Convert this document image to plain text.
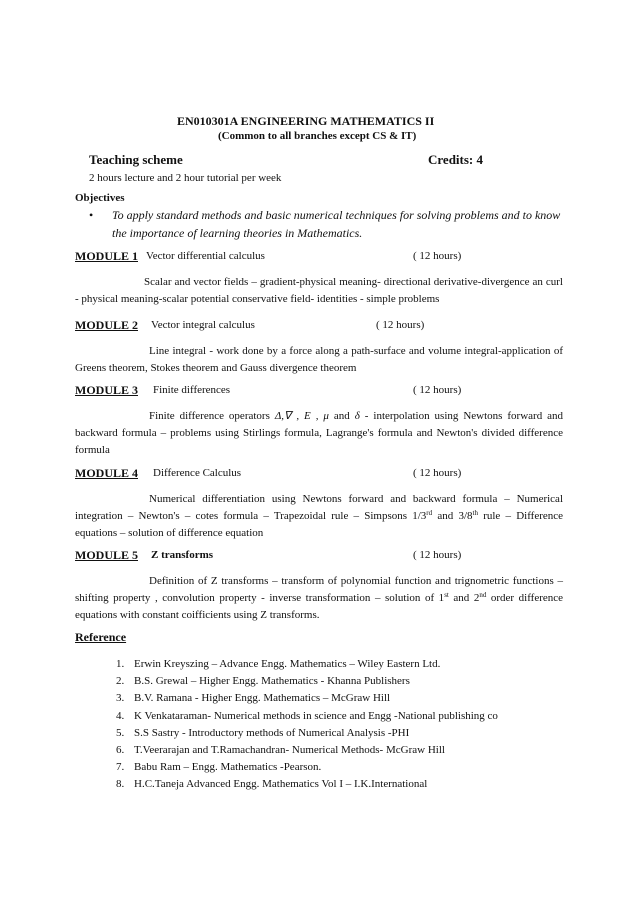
EN010301A ENGINEERING MATHEMATICS II
(Common to all branches except CS & IT)
Teaching scheme	Credits: 4
2 hours lecture and 2 hour tutorial per week
Objectives
• To apply standard methods and basic numerical techniques for solving problems and to know the importance of learning theories in Mathematics.
MODULE 1 Vector differential calculus	( 12 hours)
Scalar and vector fields – gradient-physical meaning- directional derivative-divergence an curl - physical meaning-scalar potential conservative field- identities - simple problems
MODULE 2 Vector integral calculus	( 12 hours)
Line integral - work done by a force along a path-surface and volume integral-application of Greens theorem, Stokes theorem and Gauss divergence theorem
MODULE 3 Finite differences	( 12 hours)
Finite difference operators Δ,∇ , E , μ and δ - interpolation using Newtons forward and backward formula – problems using Stirlings formula, Lagrange's formula and Newton's divided difference formula
MODULE 4 Difference Calculus	( 12 hours)
Numerical differentiation using Newtons forward and backward formula – Numerical integration – Newton's – cotes formula – Trapezoidal rule – Simpsons 1/3rd and 3/8th rule – Difference equations – solution of difference equation
MODULE 5 Z transforms	( 12 hours)
Definition of Z transforms – transform of polynomial function and trignometric functions – shifting property , convolution property - inverse transformation – solution of 1st and 2nd order difference equations with constant coifficients using Z transforms.
Reference
1. Erwin Kreyszing – Advance Engg. Mathematics – Wiley Eastern Ltd.
2. B.S. Grewal – Higher Engg. Mathematics - Khanna Publishers
3. B.V. Ramana - Higher Engg. Mathematics – McGraw Hill
4. K Venkataraman- Numerical methods in science and Engg -National publishing co
5. S.S Sastry - Introductory methods of Numerical Analysis -PHI
6. T.Veerarajan and T.Ramachandran- Numerical Methods- McGraw Hill
7. Babu Ram – Engg. Mathematics -Pearson.
8. H.C.Taneja Advanced Engg. Mathematics Vol I – I.K.International
